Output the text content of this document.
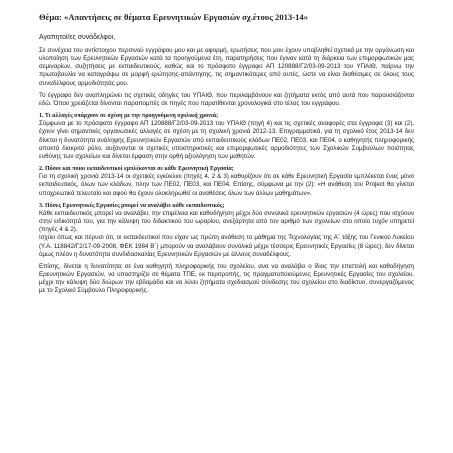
Θέμα: «Απαντήσεις σε θέματα Ερευνητικών Εργασιών σχ.έτους 2013-14»

Αγαπητοί/ες συνάδελφοι,

Σε συνέχεια του αντίστοιχου περσινού εγγράφου μου και με αφορμή, ερωτήσεις που μου έχουν υποβληθεί σχετικά με την οργάνωση και υλοποίηση των Ερευνητικών Εργασιών κατά τα προηγούμενα έτη, παρατηρήσεις που έγιναν κατά τη διάρκεια των επιμορφωτικών μας σεμιναρίων, συζητήσεις με εκπαιδευτικούς, καθώς και το πρόσφατο έγγραφο ΑΠ 120888/Γ2/03-09-2013 του ΥΠΑΙΘ, παίρνω την πρωτοβουλία να καταγράψω σε μορφή ερώτησης-απάντησης, τις σημαντικότερες από αυτές, ώστε να είναι διαθέσιμες σε όλους τους συναδέλφους αρμοδιότητάς μου.

Το έγγραφο δεν αναπληρώνει τις σχετικές οδηγίες του ΥΠΑΙΘ, που περιλαμβάνουν και ζητήματα εκτός από αυτά που παρουσιάζονται εδώ. Όπου χρειάζεται δίνονται παραπομπές σε πηγές που παρατίθενται χρονολογικά στο τέλος του εγγράφου.

1. Τι αλλαγές υπάρχουν σε σχέση με την προηγούμενη σχολική χρονιά;

Σύμφωνα με το πρόσφατο έγγραφο ΑΠ 120888/Γ2/03-09-2013 του ΥΠΑΙΘ (πηγή 4) και τις σχετικές αναφορές στα έγγραφα (3) και (2), έχουν γίνει σημαντικές οργανωτικές αλλαγές σε σχέση με τη σχολική χρονιά 2012-13. Επιγραμματικά, για τη σχολικό έτος 2013-14 δεν δίνεται η δυνατότητα ανάληψης Ερευνητικών Εργασιών από εκπαιδευτικούς κλάδων ΠΕ02, ΠΕ03, και ΠΕ04, ο καθηγητής πληροφορικής αποκτά διακριτό ρόλο, αυξάνονται οι σχετικές υποστηρικτικές και επιμορφωτικές αρμοδιότητες των Σχολικών Συμβούλων ποιότητας ευθύνης των σχολείων και δίνεται έμφαση στην ορθή αξιολόγηση των μαθητών.

2. Πόσοι και ποιοι εκπαιδευτικοί εμπλέκονται σε κάθε Ερευνητική Εργασία;

Για τη σχολική χρονιά 2013-14 οι σχετικές εγκύκλιοι (πηγές 4, 2 & 3) καθορίζουν ότι σε κάθε Ερευνητική Εργασία εμπλέκεται ένας μόνο εκπαιδευτικός, όλων των κλάδων, πλην των ΠΕ02, ΠΕ03, και ΠΕ04. Επίσης, σύμφωνα με την (2): «Η ανάθεση του Project θα γίνεται υποχρεωτικά τελευταίο και αφού θα έχουν ολοκληρωθεί οι αναθέσεις όλων των άλλων μαθημάτων».

3. Πόσες Ερευνητικές Εργασίες μπορεί να αναλάβει κάθε εκπαιδευτικός;

Κάθε εκπαιδευτικός μπορεί να αναλάβει, την επιμέλεια και καθοδήγηση μέχρι δύο συνολικά ερευνητικών εργασιών (4 ώρες) που ισχύουν στην ειδικότητά του, για την κάλυψη του διδακτικού του ωραρίου, ανεξάρτητα από τον αριθμό των σχολείων στο οποίο τυχόν υπηρετεί (πηγές 4 & 2).
Ισχύει όπως και πέρυσι ότι, οι εκπαιδευτικοί που είχαν ως πρώτη ανάθεση το μάθημα της Τεχνολογίας της Α΄ τάξης του Γενικού Λυκείου (Υ.Α. 118842/Γ2/17-09-2008, ΦΕΚ 1984 Β΄) μπορούν να αναλάβουν συνολικά μέχρι τέσσερις Ερευνητικές Εργασίες (8 ώρες), δεν δίνεται όμως πλέον η δυνατότητα συνδιδασκαλίας Ερευνητικών Εργασιών με άλλους συναδέλφους.

Επίσης, δίνεται η δυνατότητα σε ένα καθηγητή πληροφορικής του σχολείου, ανα να αναλάβει ο ίδιος την επιστολή και καθοδήγηση Ερευνητικών Εργασιών, να υποστηρίζει σε θέματα ΤΠΕ, εκ περιτροπής, τις πραγματοποιούμενες Ερευνητικές Εργασίες του σχολείου, μέχρι την κάλυψη δύο διώρων την εβδομάδα και να λύνει ζητήματα σχεδιασμού σύνδεσης του σχολείου στο διαδίκτυο, συνεργαζόμενος με το Σχολικό Σύμβουλο Πληροφορικής.
